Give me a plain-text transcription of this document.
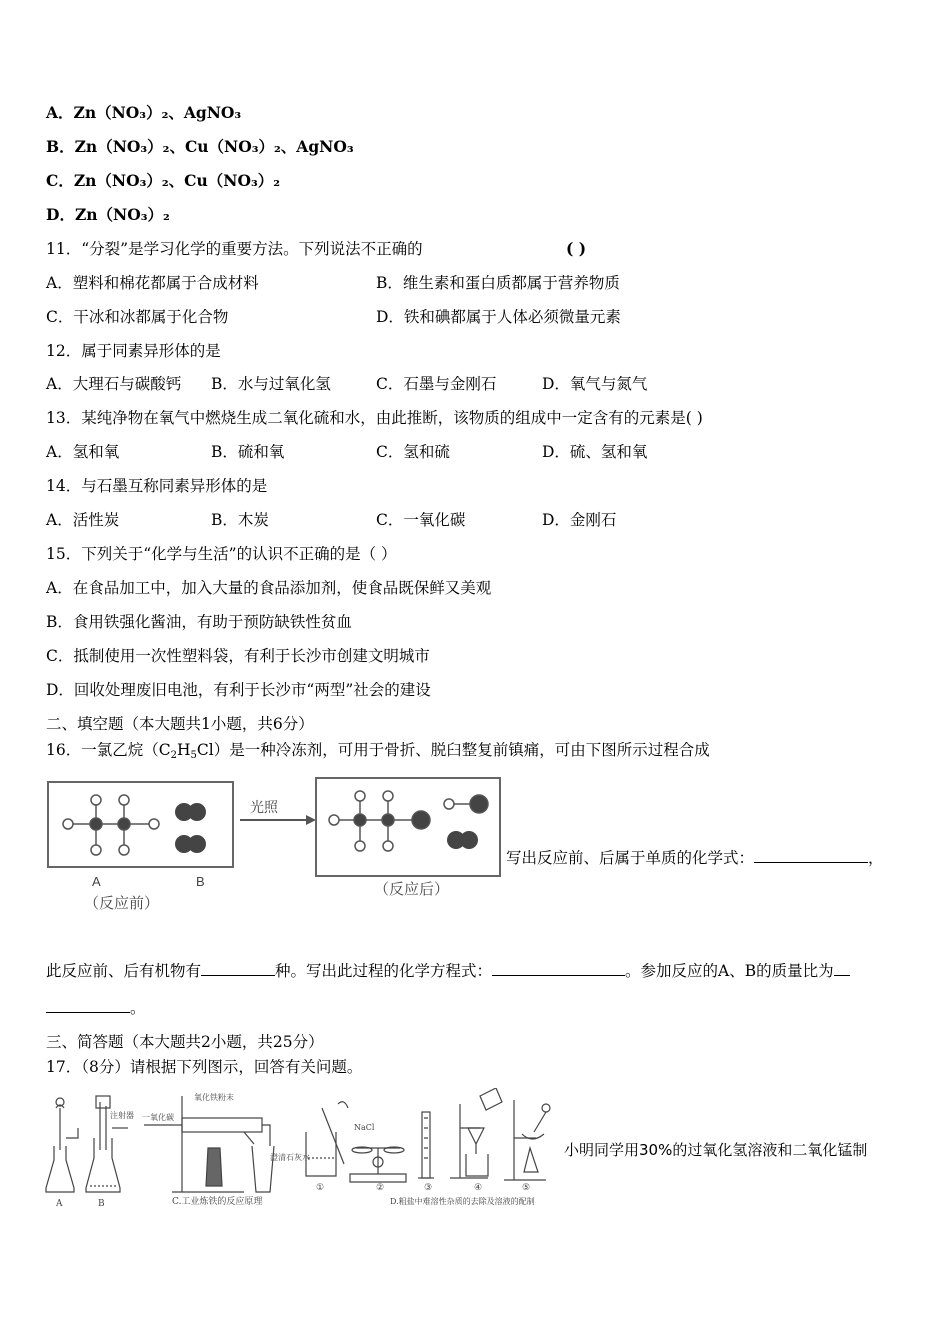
A．Zn（NO₃）₂、AgNO₃
B．Zn（NO₃）₂、Cu（NO₃）₂、AgNO₃
C．Zn（NO₃）₂、Cu（NO₃）₂
D．Zn（NO₃）₂
11．“分裂”是学习化学的重要方法。下列说法不正确的	( )
A．塑料和棉花都属于合成材料	B．维生素和蛋白质都属于营养物质
C．干冰和冰都属于化合物	D．铁和碘都属于人体必须微量元素
12．属于同素异形体的是
A．大理石与碳酸钙 B．水与过氧化氢	C．石墨与金刚石	D．氧气与氮气
13．某纯净物在氧气中燃烧生成二氧化硫和水，由此推断，该物质的组成中一定含有的元素是( )
A．氢和氧	B．硫和氧	C．氢和硫	D．硫、氢和氧
14．与石墨互称同素异形体的是
A．活性炭	B．木炭	C．一氧化碳	D．金刚石
15．下列关于“化学与生活”的认识不正确的是（ ）
A．在食品加工中，加入大量的食品添加剂，使食品既保鲜又美观
B．食用铁强化酱油，有助于预防缺铁性贫血
C．抵制使用一次性塑料袋，有利于长沙市创建文明城市
D．回收处理废旧电池，有利于长沙市“两型”社会的建设
二、填空题（本大题共1小题，共6分）
16．一氯乙烷$(C_2H_5Cl)$是一种冷冻剂，可用于骨折、脱臼整复前镇痛，可由下图所示过程合成
A	B
（反应前）
光照
（反应后）
写出反应前、后属于单质的化学式：	，
此反应前、后有机物有	种。写出此过程的化学方程式：	。参加反应的A、B的质量比为
。
三、简答题（本大题共2小题，共25分）
17．（8分）请根据下列图示，回答有关问题。
A	B
注射器 一氧化碳
氧化铁粉末
澄清石灰水
C.工业炼铁的反应原理
NaCl
①	②	③	④	⑤
D.粗盐中难溶性杂质的去除及溶液的配制
小明同学用30%的过氧化氢溶液和二氧化锰制
